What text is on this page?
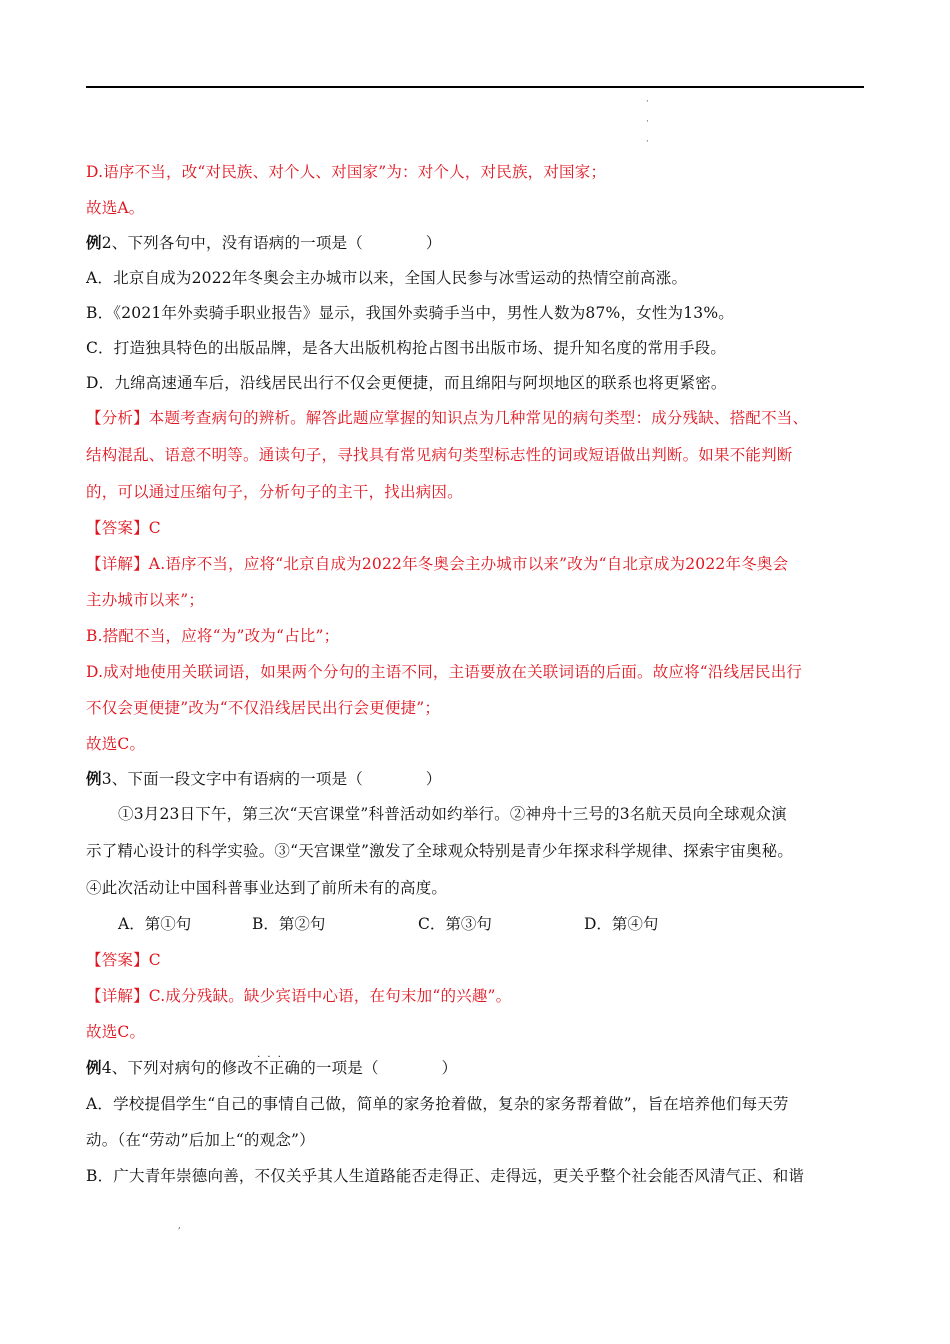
·
·
·
D.语序不当，改“对民族、对个人、对国家”为：对个人，对民族，对国家；
故选A。
例2、下列各句中，没有语病的一项是（　　　　）
A．北京自成为2022年冬奥会主办城市以来，全国人民参与冰雪运动的热情空前高涨。
B．《2021年外卖骑手职业报告》显示，我国外卖骑手当中，男性人数为87%，女性为13%。
C．打造独具特色的出版品牌，是各大出版机构抢占图书出版市场、提升知名度的常用手段。
D．九绵高速通车后，沿线居民出行不仅会更便捷，而且绵阳与阿坝地区的联系也将更紧密。
【分析】本题考查病句的辨析。解答此题应掌握的知识点为几种常见的病句类型：成分残缺、搭配不当、
结构混乱、语意不明等。通读句子，寻找具有常见病句类型标志性的词或短语做出判断。如果不能判断
的，可以通过压缩句子，分析句子的主干，找出病因。
【答案】C
【详解】A.语序不当，应将“北京自成为2022年冬奥会主办城市以来”改为“自北京成为2022年冬奥会
主办城市以来”；
B.搭配不当，应将“为”改为“占比”；
D.成对地使用关联词语，如果两个分句的主语不同，主语要放在关联词语的后面。故应将“沿线居民出行
不仅会更便捷”改为“不仅沿线居民出行会更便捷”；
故选C。
例3、下面一段文字中有语病的一项是（　　　　）
①3月23日下午，第三次“天宫课堂”科普活动如约举行。②神舟十三号的3名航天员向全球观众演
示了精心设计的科学实验。③“天宫课堂”激发了全球观众特别是青少年探求科学规律、探索宇宙奥秘。
④此次活动让中国科普事业达到了前所未有的高度。
A．第①句	B．第②句	C．第③句	D．第④句
【答案】C
【详解】C.成分残缺。缺少宾语中心语，在句末加“的兴趣”。
故选C。
例4、下列对病句的修改· · · 不正确的一项是（　　　　）
A．学校提倡学生“自己的事情自己做，简单的家务抢着做，复杂的家务帮着做”，旨在培养他们每天劳
动。（在“劳动”后加上“的观念”）
B．广大青年崇德向善，不仅关乎其人生道路能否走得正、走得远，更关乎整个社会能否风清气正、和谐
,
